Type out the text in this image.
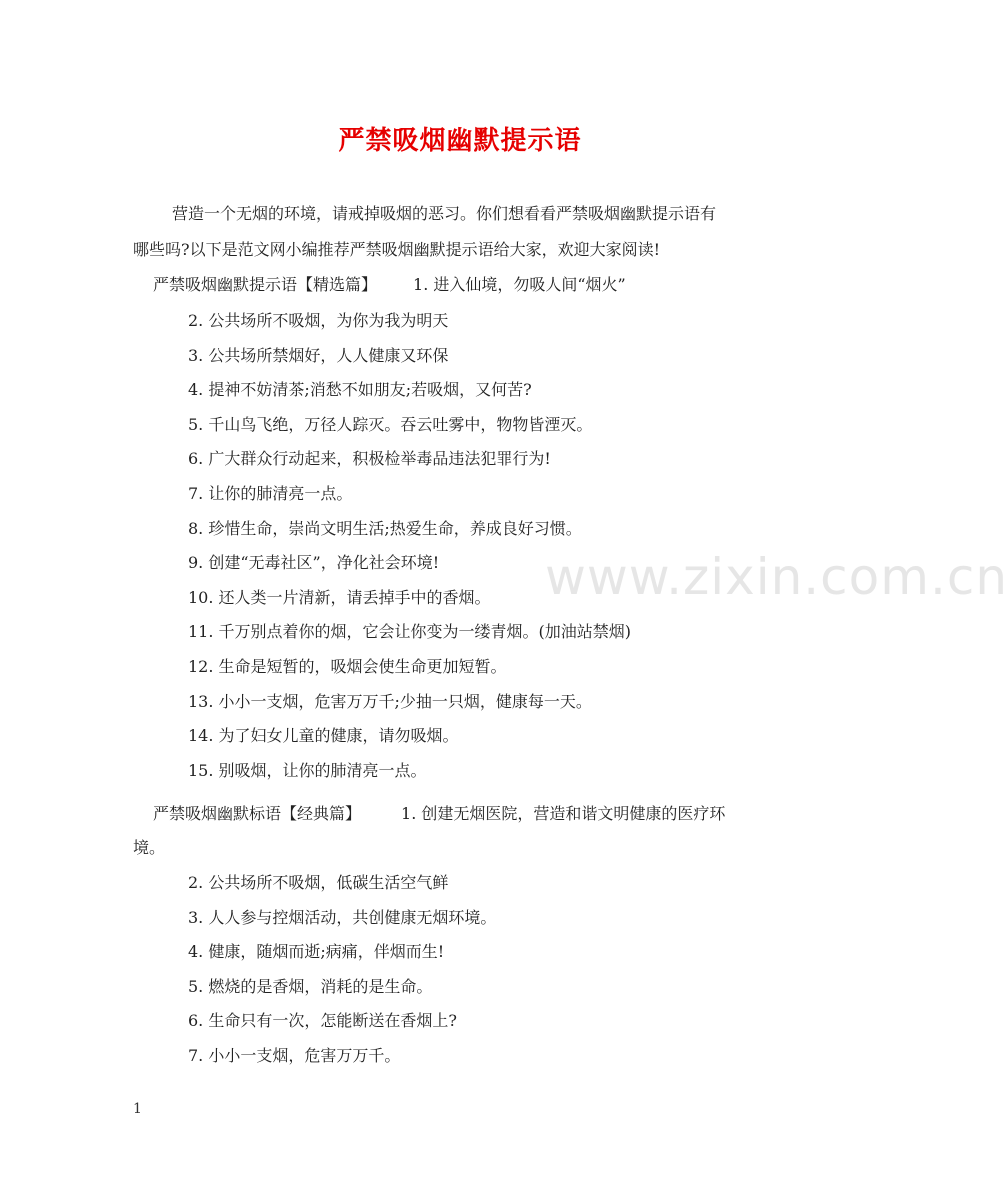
严禁吸烟幽默提示语
营造一个无烟的环境，请戒掉吸烟的恶习。你们想看看严禁吸烟幽默提示语有
哪些吗?以下是范文网小编推荐严禁吸烟幽默提示语给大家，欢迎大家阅读!
严禁吸烟幽默提示语【精选篇】 1. 进入仙境，勿吸人间“烟火”
2. 公共场所不吸烟，为你为我为明天
3. 公共场所禁烟好，人人健康又环保
4. 提神不妨清茶;消愁不如朋友;若吸烟，又何苦?
5. 千山鸟飞绝，万径人踪灭。吞云吐雾中，物物皆湮灭。
6. 广大群众行动起来，积极检举毒品违法犯罪行为!
7. 让你的肺清亮一点。
8. 珍惜生命，崇尚文明生活;热爱生命，养成良好习惯。
9. 创建“无毒社区”，净化社会环境!
10. 还人类一片清新，请丢掉手中的香烟。
11. 千万别点着你的烟，它会让你变为一缕青烟。(加油站禁烟)
12. 生命是短暂的，吸烟会使生命更加短暂。
13. 小小一支烟，危害万万千;少抽一只烟，健康每一天。
14. 为了妇女儿童的健康，请勿吸烟。
15. 别吸烟，让你的肺清亮一点。
严禁吸烟幽默标语【经典篇】	1. 创建无烟医院，营造和谐文明健康的医疗环
境。
2. 公共场所不吸烟，低碳生活空气鲜
3. 人人参与控烟活动，共创健康无烟环境。
4. 健康，随烟而逝;病痛，伴烟而生!
5. 燃烧的是香烟，消耗的是生命。
6. 生命只有一次，怎能断送在香烟上?
7. 小小一支烟，危害万万千。
www.zixin.com.cn
1
